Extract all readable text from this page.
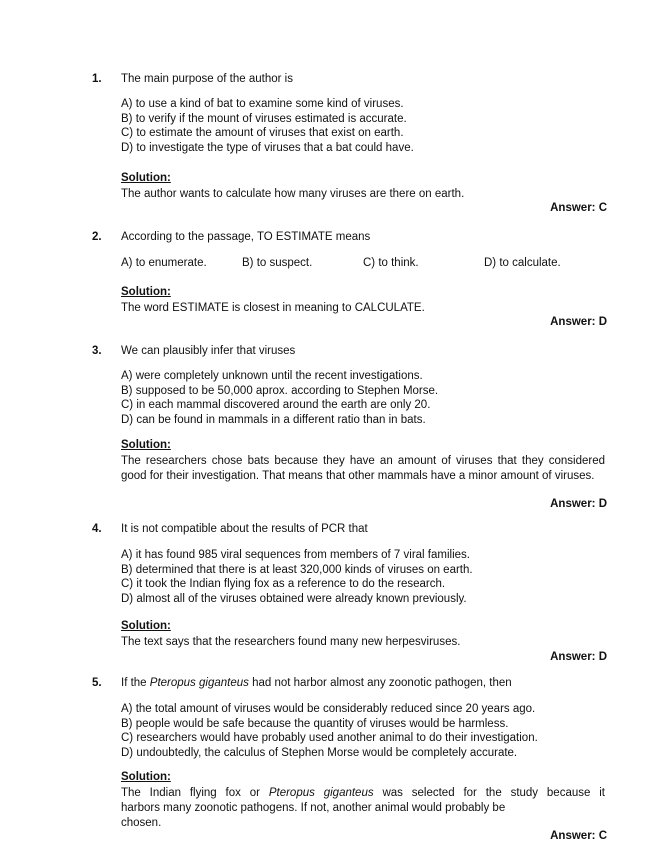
1. The main purpose of the author is
A) to use a kind of bat to examine some kind of viruses.
B) to verify if the mount of viruses estimated is accurate.
C) to estimate the amount of viruses that exist on earth.
D) to investigate the type of viruses that a bat could have.
Solution:
The author wants to calculate how many viruses are there on earth.
Answer: C
2. According to the passage, TO ESTIMATE means
A) to enumerate.	B) to suspect.	C) to think.	D) to calculate.
Solution:
The word ESTIMATE is closest in meaning to CALCULATE.
Answer: D
3. We can plausibly infer that viruses
A) were completely unknown until the recent investigations.
B) supposed to be 50,000 aprox. according to Stephen Morse.
C) in each mammal discovered around the earth are only 20.
D) can be found in mammals in a different ratio than in bats.
Solution:
The researchers chose bats because they have an amount of viruses that they considered good for their investigation. That means that other mammals have a minor amount of viruses.
Answer: D
4. It is not compatible about the results of PCR that
A) it has found 985 viral sequences from members of 7 viral families.
B) determined that there is at least 320,000 kinds of viruses on earth.
C) it took the Indian flying fox as a reference to do the research.
D) almost all of the viruses obtained were already known previously.
Solution:
The text says that the researchers found many new herpesviruses.
Answer: D
5. If the Pteropus giganteus had not harbor almost any zoonotic pathogen, then
A) the total amount of viruses would be considerably reduced since 20 years ago.
B) people would be safe because the quantity of viruses would be harmless.
C) researchers would have probably used another animal to do their investigation.
D) undoubtedly, the calculus of Stephen Morse would be completely accurate.
Solution:
The Indian flying fox or Pteropus giganteus was selected for the study because it
harbors many zoonotic pathogens. If not, another animal would probably be
chosen.
Answer: C
